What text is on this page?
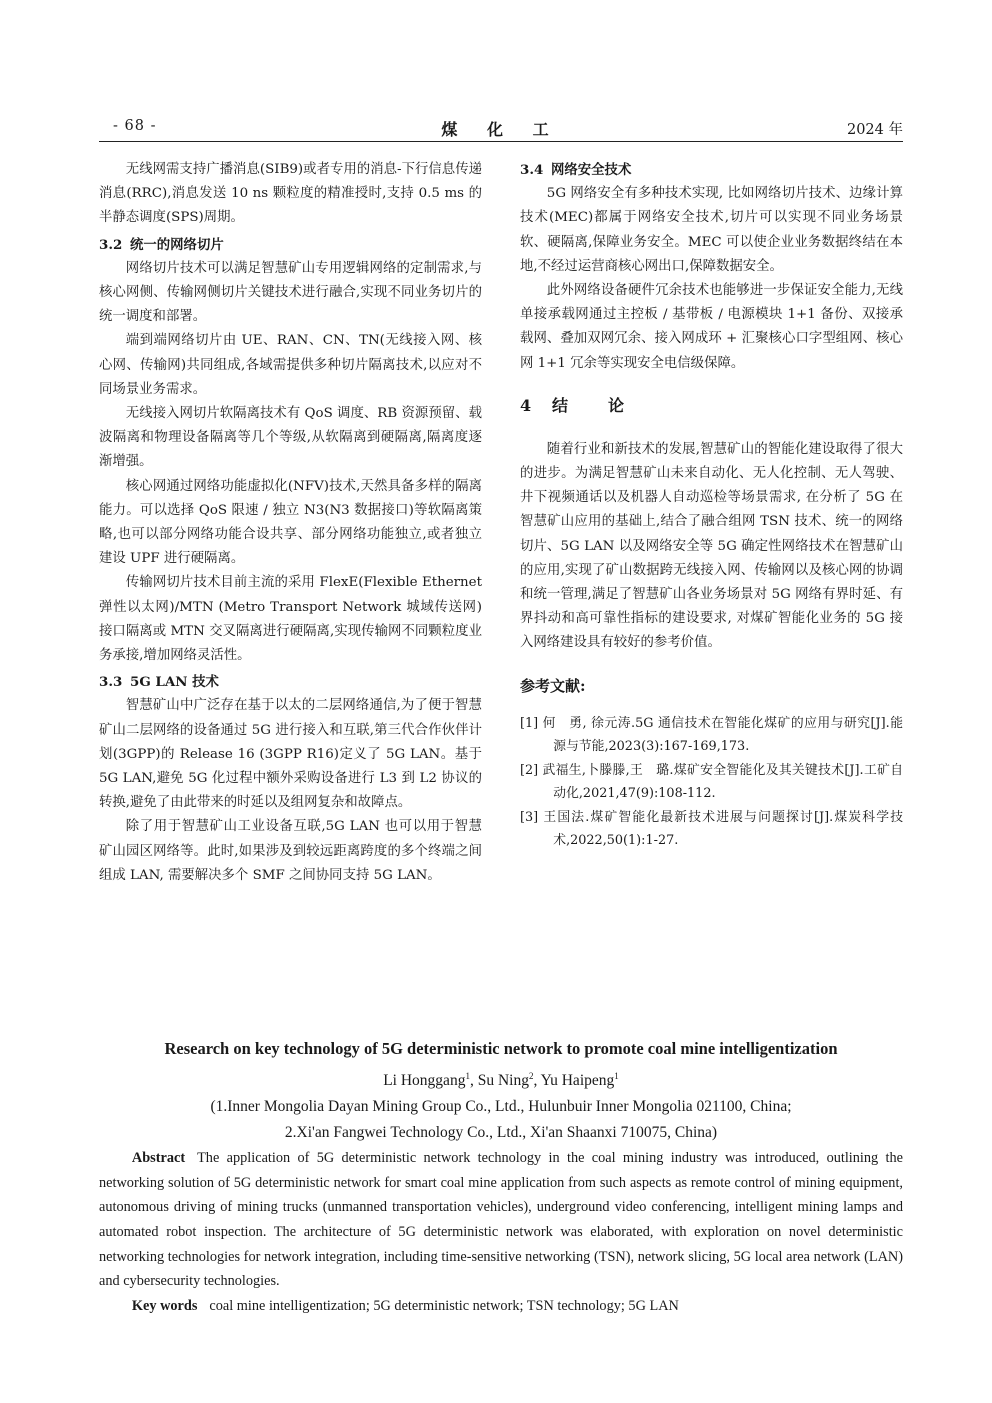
- 68 -	煤 化 工	2024 年

无线网需支持广播消息(SIB9)或者专用的消息-下行信息传递消息(RRC),消息发送 10 ns 颗粒度的精准授时,支持 0.5 ms 的半静态调度(SPS)周期。

3.2 统一的网络切片

网络切片技术可以满足智慧矿山专用逻辑网络的定制需求,与核心网侧、传输网侧切片关键技术进行融合,实现不同业务切片的统一调度和部署。

端到端网络切片由 UE、RAN、CN、TN(无线接入网、核心网、传输网)共同组成,各域需提供多种切片隔离技术,以应对不同场景业务需求。

无线接入网切片软隔离技术有 QoS 调度、RB 资源预留、载波隔离和物理设备隔离等几个等级,从软隔离到硬隔离,隔离度逐渐增强。

核心网通过网络功能虚拟化(NFV)技术,天然具备多样的隔离能力。可以选择 QoS 限速 / 独立 N3(N3 数据接口)等软隔离策略,也可以部分网络功能合设共享、部分网络功能独立,或者独立建设 UPF 进行硬隔离。

传输网切片技术目前主流的采用 FlexE(Flexible Ethernet 弹性以太网)/MTN (Metro Transport Network 城域传送网) 接口隔离或 MTN 交叉隔离进行硬隔离,实现传输网不同颗粒度业务承接,增加网络灵活性。

3.3 5G LAN 技术

智慧矿山中广泛存在基于以太的二层网络通信,为了便于智慧矿山二层网络的设备通过 5G 进行接入和互联,第三代合作伙伴计划(3GPP)的 Release 16 (3GPP R16)定义了 5G LAN。基于 5G LAN,避免 5G 化过程中额外采购设备进行 L3 到 L2 协议的转换,避免了由此带来的时延以及组网复杂和故障点。

除了用于智慧矿山工业设备互联,5G LAN 也可以用于智慧矿山园区网络等。此时,如果涉及到较远距离跨度的多个终端之间组成 LAN, 需要解决多个 SMF 之间协同支持 5G LAN。

3.4 网络安全技术

5G 网络安全有多种技术实现, 比如网络切片技术、边缘计算技术(MEC)都属于网络安全技术,切片可以实现不同业务场景软、硬隔离,保障业务安全。MEC 可以使企业业务数据终结在本地,不经过运营商核心网出口,保障数据安全。

此外网络设备硬件冗余技术也能够进一步保证安全能力,无线单接承载网通过主控板 / 基带板 / 电源模块 1+1 备份、双接承载网、叠加双网冗余、接入网成环 + 汇聚核心口字型组网、核心网 1+1 冗余等实现安全电信级保障。

4 结论

随着行业和新技术的发展,智慧矿山的智能化建设取得了很大的进步。为满足智慧矿山未来自动化、无人化控制、无人驾驶、井下视频通话以及机器人自动巡检等场景需求, 在分析了 5G 在智慧矿山应用的基础上,结合了融合组网 TSN 技术、统一的网络切片、5G LAN 以及网络安全等 5G 确定性网络技术在智慧矿山的应用,实现了矿山数据跨无线接入网、传输网以及核心网的协调和统一管理,满足了智慧矿山各业务场景对 5G 网络有界时延、有界抖动和高可靠性指标的建设要求, 对煤矿智能化业务的 5G 接入网络建设具有较好的参考价值。

参考文献:
[1] 何　勇, 徐元涛.5G 通信技术在智能化煤矿的应用与研究[J].能源与节能,2023(3):167-169,173.
[2] 武福生,卜滕滕,王　璐.煤矿安全智能化及其关键技术[J].工矿自动化,2021,47(9):108-112.
[3] 王国法.煤矿智能化最新技术进展与问题探讨[J].煤炭科学技术,2022,50(1):1-27.
Research on key technology of 5G deterministic network to promote coal mine intelligentization
Li Honggang$^1$, Su Ning$^2$, Yu Haipeng$^1$
(1.Inner Mongolia Dayan Mining Group Co., Ltd., Hulunbuir Inner Mongolia 021100, China;
2.Xi'an Fangwei Technology Co., Ltd., Xi'an Shaanxi 710075, China)
Abstract The application of 5G deterministic network technology in the coal mining industry was introduced, outlining the networking solution of 5G deterministic network for smart coal mine application from such aspects as remote control of mining equipment, autonomous driving of mining trucks (unmanned transportation vehicles), underground video conferencing, intelligent mining lamps and automated robot inspection. The architecture of 5G deterministic network was elaborated, with exploration on novel deterministic networking technologies for network integration, including time-sensitive networking (TSN), network slicing, 5G local area network (LAN) and cybersecurity technologies.
Key words coal mine intelligentization; 5G deterministic network; TSN technology; 5G LAN
